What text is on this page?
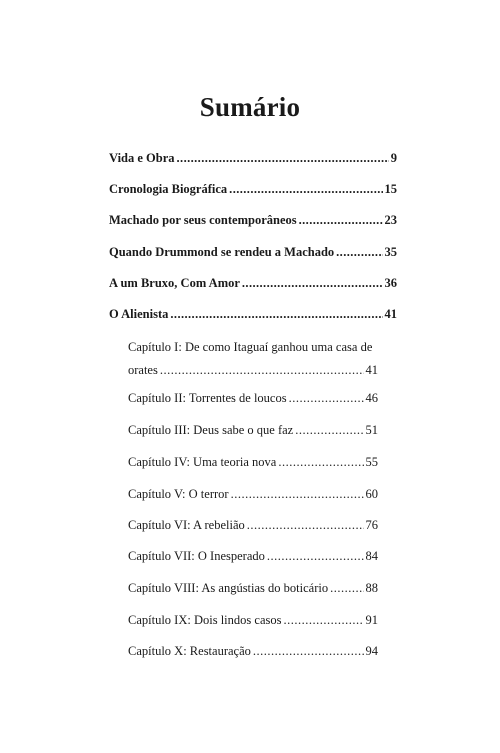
Sumário
Vida e Obra .....	9
Cronologia Biográfica .....	15
Machado por seus contemporâneos .....	23
Quando Drummond se rendeu a Machado .....	35
A um Bruxo, Com Amor .....	36
O Alienista .....	41
Capítulo I: De como Itaguaí ganhou uma casa de
orates .....	41
Capítulo II: Torrentes de loucos .....	46
Capítulo III: Deus sabe o que faz .....	51
Capítulo IV: Uma teoria nova .....	55
Capítulo V: O terror .....	60
Capítulo VI: A rebelião .....	76
Capítulo VII: O Inesperado .....	84
Capítulo VIII: As angústias do boticário .....	88
Capítulo IX: Dois lindos casos .....	91
Capítulo X: Restauração .....	94
